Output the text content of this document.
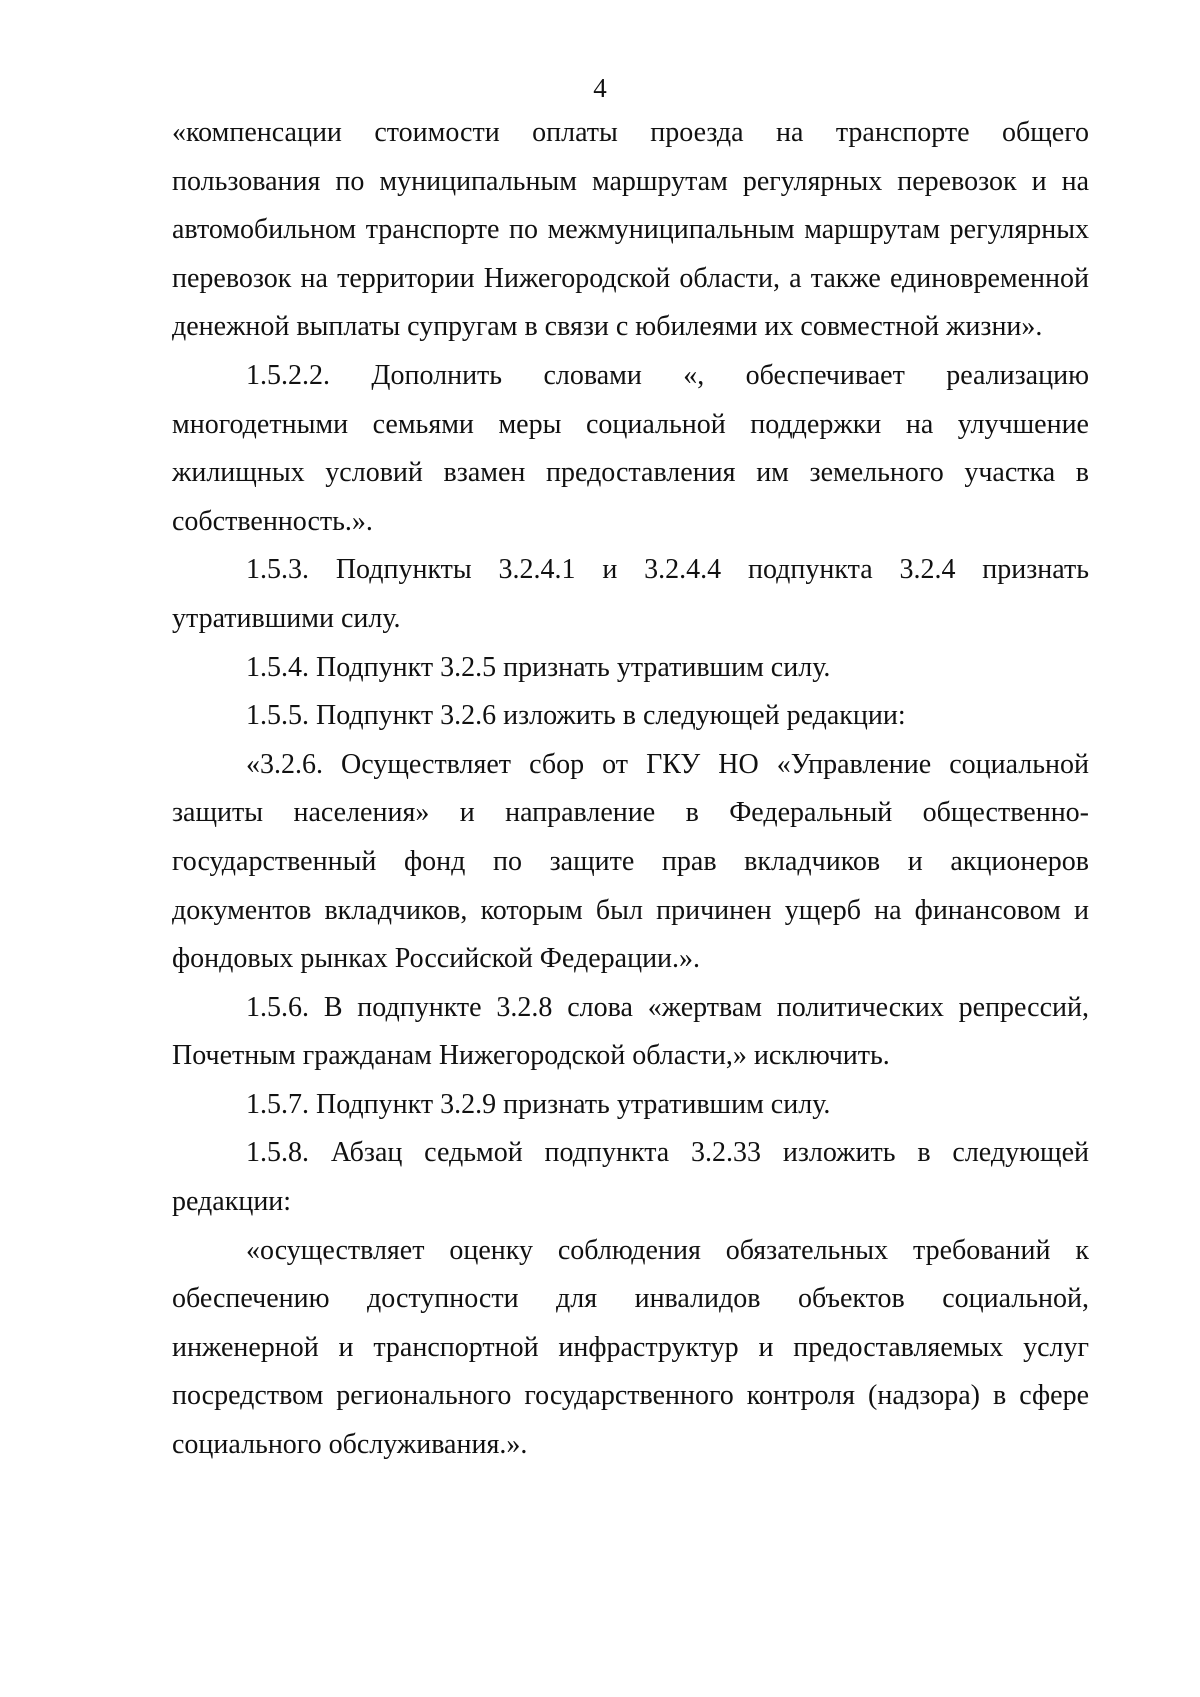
4

«компенсации стоимости оплаты проезда на транспорте общего пользования по муниципальным маршрутам регулярных перевозок и на автомобильном транспорте по межмуниципальным маршрутам регулярных перевозок на территории Нижегородской области, а также единовременной денежной выплаты супругам в связи с юбилеями их совместной жизни».

1.5.2.2. Дополнить словами «, обеспечивает реализацию многодетными семьями меры социальной поддержки на улучшение жилищных условий взамен предоставления им земельного участка в собственность.».

1.5.3. Подпункты 3.2.4.1 и 3.2.4.4 подпункта 3.2.4 признать утратившими силу.

1.5.4. Подпункт 3.2.5 признать утратившим силу.

1.5.5. Подпункт 3.2.6 изложить в следующей редакции:

«3.2.6. Осуществляет сбор от ГКУ НО «Управление социальной защиты населения» и направление в Федеральный общественно-государственный фонд по защите прав вкладчиков и акционеров документов вкладчиков, которым был причинен ущерб на финансовом и фондовых рынках Российской Федерации.».

1.5.6. В подпункте 3.2.8 слова «жертвам политических репрессий, Почетным гражданам Нижегородской области,» исключить.

1.5.7. Подпункт 3.2.9 признать утратившим силу.

1.5.8. Абзац седьмой подпункта 3.2.33 изложить в следующей редакции:

«осуществляет оценку соблюдения обязательных требований к обеспечению доступности для инвалидов объектов социальной, инженерной и транспортной инфраструктур и предоставляемых услуг посредством регионального государственного контроля (надзора) в сфере социального обслуживания.».
